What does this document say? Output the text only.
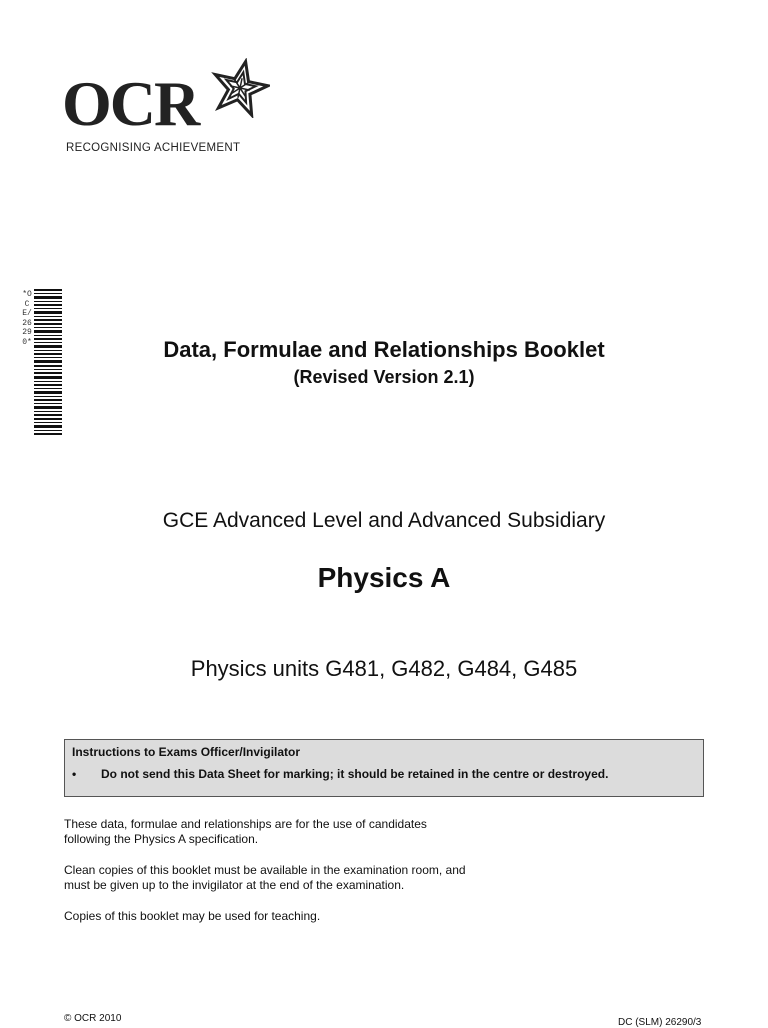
OCR
RECOGNISING ACHIEVEMENT
*OCE/26290*	Data, Formulae and Relationships Booklet
(Revised Version 2.1)
GCE Advanced Level and Advanced Subsidiary
Physics A
Physics units G481, G482, G484, G485
Instructions to Exams Officer/Invigilator
• Do not send this Data Sheet for marking; it should be retained in the centre or destroyed.
These data, formulae and relationships are for the use of candidates
following the Physics A specification.
Clean copies of this booklet must be available in the examination room, and
must be given up to the invigilator at the end of the examination.
Copies of this booklet may be used for teaching.
© OCR 2010	DC (SLM) 26290/3
